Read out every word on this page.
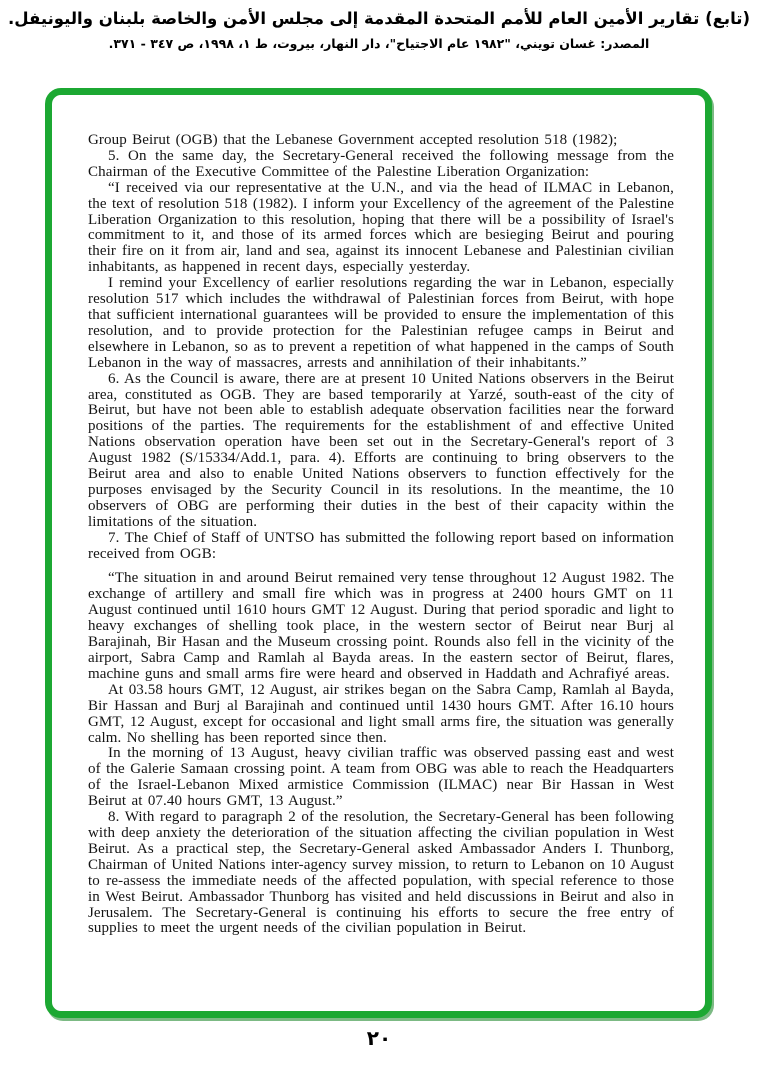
(تابع) تقارير الأمين العام للأمم المتحدة المقدمة إلى مجلس الأمن والخاصة بلبنان واليونيفل.
المصدر: غسان تويني، "١٩٨٢ عام الاجتياح"، دار النهار، بيروت، ط ١، ١٩٩٨، ص ٣٤٧ - ٣٧١.

Group Beirut (OGB) that the Lebanese Government accepted resolution 518 (1982);

5. On the same day, the Secretary-General received the following message from the Chairman of the Executive Committee of the Palestine Liberation Organization:

“I received via our representative at the U.N., and via the head of ILMAC in Lebanon, the text of resolution 518 (1982). I inform your Excellency of the agreement of the Palestine Liberation Organization to this resolution, hoping that there will be a possibility of Israel's commitment to it, and those of its armed forces which are besieging Beirut and pouring their fire on it from air, land and sea, against its innocent Lebanese and Palestinian civilian inhabitants, as happened in recent days, especially yesterday.

I remind your Excellency of earlier resolutions regarding the war in Lebanon, especially resolution 517 which includes the withdrawal of Palestinian forces from Beirut, with hope that sufficient international guarantees will be provided to ensure the implementation of this resolution, and to provide protection for the Palestinian refugee camps in Beirut and elsewhere in Lebanon, so as to prevent a repetition of what happened in the camps of South Lebanon in the way of massacres, arrests and annihilation of their inhabitants.”

6. As the Council is aware, there are at present 10 United Nations observers in the Beirut area, constituted as OGB. They are based temporarily at Yarzé, south-east of the city of Beirut, but have not been able to establish adequate observation facilities near the forward positions of the parties. The requirements for the establishment of and effective United Nations observation operation have been set out in the Secretary-General's report of 3 August 1982 (S/15334/Add.1, para. 4). Efforts are continuing to bring observers to the Beirut area and also to enable United Nations observers to function effectively for the purposes envisaged by the Security Council in its resolutions. In the meantime, the 10 observers of OBG are performing their duties in the best of their capacity within the limitations of the situation.

7. The Chief of Staff of UNTSO has submitted the following report based on information received from OGB:

“The situation in and around Beirut remained very tense throughout 12 August 1982. The exchange of artillery and small fire which was in progress at 2400 hours GMT on 11 August continued until 1610 hours GMT 12 August. During that period sporadic and light to heavy exchanges of shelling took place, in the western sector of Beirut near Burj al Barajinah, Bir Hasan and the Museum crossing point. Rounds also fell in the vicinity of the airport, Sabra Camp and Ramlah al Bayda areas. In the eastern sector of Beirut, flares, machine guns and small arms fire were heard and observed in Haddath and Achrafiyé areas.

At 03.58 hours GMT, 12 August, air strikes began on the Sabra Camp, Ramlah al Bayda, Bir Hassan and Burj al Barajinah and continued until 1430 hours GMT. After 16.10 hours GMT, 12 August, except for occasional and light small arms fire, the situation was generally calm. No shelling has been reported since then.

In the morning of 13 August, heavy civilian traffic was observed passing east and west of the Galerie Samaan crossing point. A team from OBG was able to reach the Headquarters of the Israel-Lebanon Mixed armistice Commission (ILMAC) near Bir Hassan in West Beirut at 07.40 hours GMT, 13 August.”

8. With regard to paragraph 2 of the resolution, the Secretary-General has been following with deep anxiety the deterioration of the situation affecting the civilian population in West Beirut. As a practical step, the Secretary-General asked Ambassador Anders I. Thunborg, Chairman of United Nations inter-agency survey mission, to return to Lebanon on 10 August to re-assess the immediate needs of the affected population, with special reference to those in West Beirut. Ambassador Thunborg has visited and held discussions in Beirut and also in Jerusalem. The Secretary-General is continuing his efforts to secure the free entry of supplies to meet the urgent needs of the civilian population in Beirut.

٢٠
